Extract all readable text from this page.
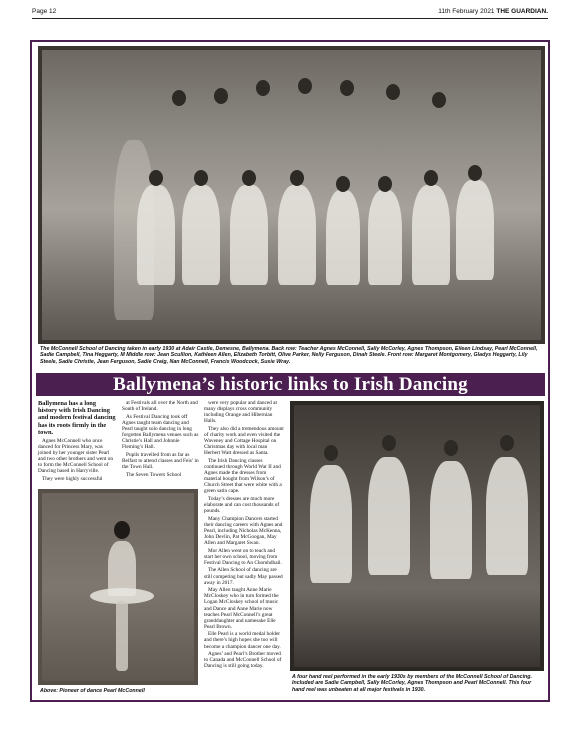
Page 12	11th February 2021 THE GUARDIAN.
The McConnell School of Dancing taken in early 1930 at Adair Castle, Demesne, Ballymena. Back row: Teacher Agnes McConnell, Sally McCorley, Agnes Thompson, Eileen Lindsay, Pearl McConnell, Sadie Campbell, Tina Heggarty, M Middle row: Jean Scullion, Kathleen Allen, Elizabeth Torbitt, Olive Parker, Nelly Ferguson, Dinah Steele. Front row: Margaret Montgomery, Gladys Heggarty, Lily Steele, Sadie Christie, Jean Ferguson, Sadie Craig, Nan McConnell, Francis Woodcock, Susie Wray.
Ballymena’s historic links to Irish Dancing

Ballymena has a long history with Irish Dancing and modern festival dancing has its roots firmly in the town.

Agnes McConnell who once danced for Princess Mary, was joined by her younger sister Pearl and two other brothers and went on to form the McConnell School of Dancing based in Harryville.

They were highly successful

at Festivals all over the North and South of Ireland.

As Festival Dancing took off Agnes taught team dancing and Pearl taught solo dancing in long forgotten Ballymena venues such as Christie’s Hall and Johnnie Fleming’s Hall.

Pupils travelled from as far as Belfast to attend classes and Feis’ in the Town Hall.

The Seven Towers School

Above: Pioneer of dance Pearl McConnell

were very popular and danced at many displays cross community including Orange and Hibernian Halls.

They also did a tremendous amount of charity work and even visited the Waveney and Cottage Hospital on Christmas day with local man Herbert Watt dressed as Santa.

The Irish Dancing classes continued through World War II and Agnes made the dresses from material bought from Wilson’s of Church Street that were white with a green satin cape.

Today’s dresses are much more elaborate and can cost thousands of pounds.

Many Champion Dancers started their dancing careers with Agnes and Pearl, including Nicholas McKenna, John Devlin, Pat McGoogan, May Allen and Margaret Swan.

Mor Allen went on to teach and start her own school, moving from Festival Dancing to An Chomhdhail.

The Allen School of dancing are still competing but sadly May passed away in 2017.

May Allen taught Anne Marie McCloskey who in turn formed the Logan McCloskey school of music and Dance and Anne Marie now teaches Pearl McConnell’s great granddaughter and namesake Elle Pearl Brown.

Elle Pearl is a world medal holder and there’s high hopes she too will become a champion dancer one day.

Agnes’ and Pearl’s Brother moved to Canada and McConnell School of Dancing is still going today.

A four hand reel performed in the early 1930s by members of the McConnell School of Dancing. Included are Sadie Campbell, Sally McCorley, Agnes Thompson and Pearl McConnell. This four hand reel was unbeaten at all major festivals in 1930.
